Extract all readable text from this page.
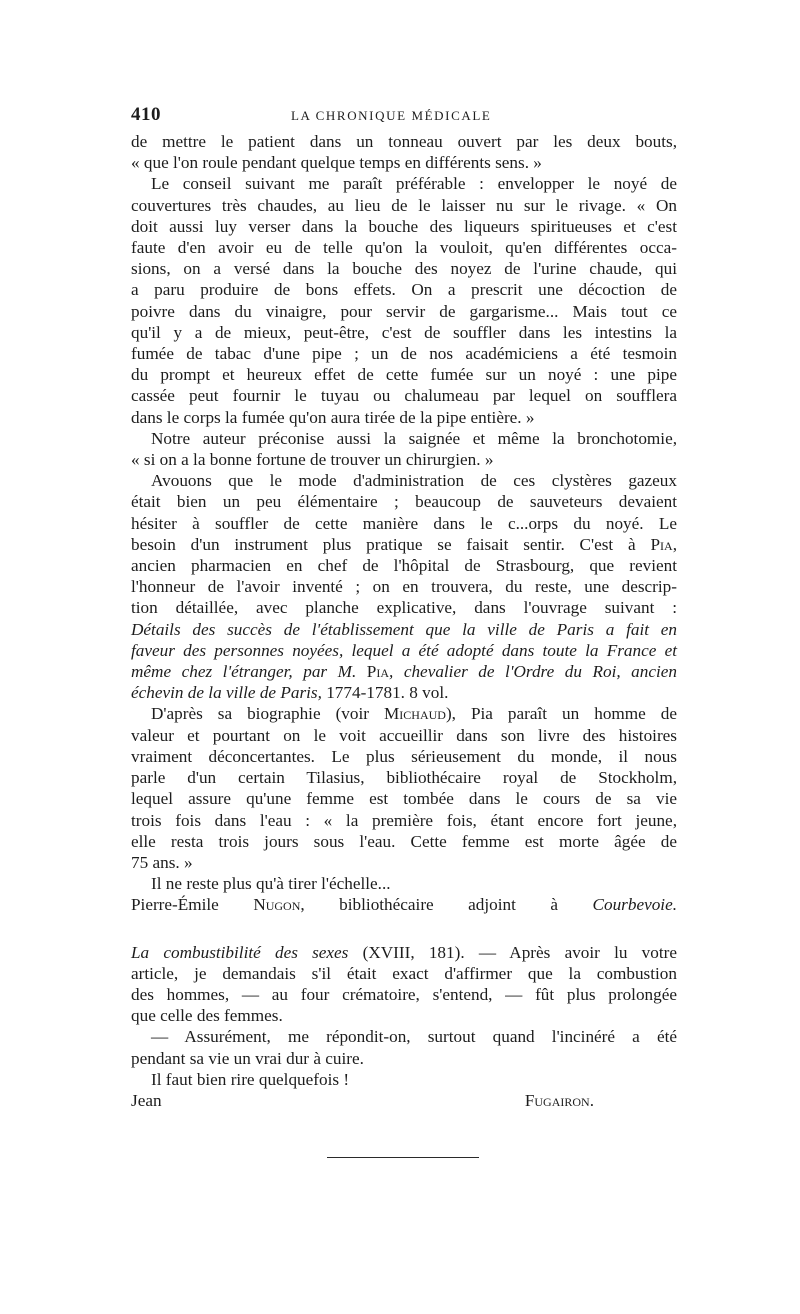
410	LA CHRONIQUE MÉDICALE

de mettre le patient dans un tonneau ouvert par les deux bouts,

« que l'on roule pendant quelque temps en différents sens. »

Le conseil suivant me paraît préférable : envelopper le noyé de

couvertures très chaudes, au lieu de le laisser nu sur le rivage. « On

doit aussi luy verser dans la bouche des liqueurs spiritueuses et c'est

faute d'en avoir eu de telle qu'on la vouloit, qu'en différentes occa-

sions, on a versé dans la bouche des noyez de l'urine chaude, qui

a paru produire de bons effets. On a prescrit une décoction de

poivre dans du vinaigre, pour servir de gargarisme... Mais tout ce

qu'il y a de mieux, peut-être, c'est de souffler dans les intestins la

fumée de tabac d'une pipe ; un de nos académiciens a été tesmoin

du prompt et heureux effet de cette fumée sur un noyé : une pipe

cassée peut fournir le tuyau ou chalumeau par lequel on soufflera

dans le corps la fumée qu'on aura tirée de la pipe entière. »

Notre auteur préconise aussi la saignée et même la bronchotomie,

« si on a la bonne fortune de trouver un chirurgien. »

Avouons que le mode d'administration de ces clystères gazeux

était bien un peu élémentaire ; beaucoup de sauveteurs devaient

hésiter à souffler de cette manière dans le c...orps du noyé. Le

besoin d'un instrument plus pratique se faisait sentir. C'est à Pia,

ancien pharmacien en chef de l'hôpital de Strasbourg, que revient

l'honneur de l'avoir inventé ; on en trouvera, du reste, une descrip-

tion détaillée, avec planche explicative, dans l'ouvrage suivant :

Détails des succès de l'établissement que la ville de Paris a fait en

faveur des personnes noyées, lequel a été adopté dans toute la France et

même chez l'étranger, par M. Pia, chevalier de l'Ordre du Roi, ancien

échevin de la ville de Paris, 1774-1781. 8 vol.

D'après sa biographie (voir Michaud), Pia paraît un homme de

valeur et pourtant on le voit accueillir dans son livre des histoires

vraiment déconcertantes. Le plus sérieusement du monde, il nous

parle d'un certain Tilasius, bibliothécaire royal de Stockholm,

lequel assure qu'une femme est tombée dans le cours de sa vie

trois fois dans l'eau : « la première fois, étant encore fort jeune,

elle resta trois jours sous l'eau. Cette femme est morte âgée de

75 ans. »

Il ne reste plus qu'à tirer l'échelle...

Pierre-Émile Nugon, bibliothécaire adjoint à Courbevoie.

La combustibilité des sexes (XVIII, 181). — Après avoir lu votre

article, je demandais s'il était exact d'affirmer que la combustion

des hommes, — au four crématoire, s'entend, — fût plus prolongée

que celle des femmes.

— Assurément, me répondit-on, surtout quand l'incinéré a été

pendant sa vie un vrai dur à cuire.

Il faut bien rire quelquefois !

Jean	Fugairon.
